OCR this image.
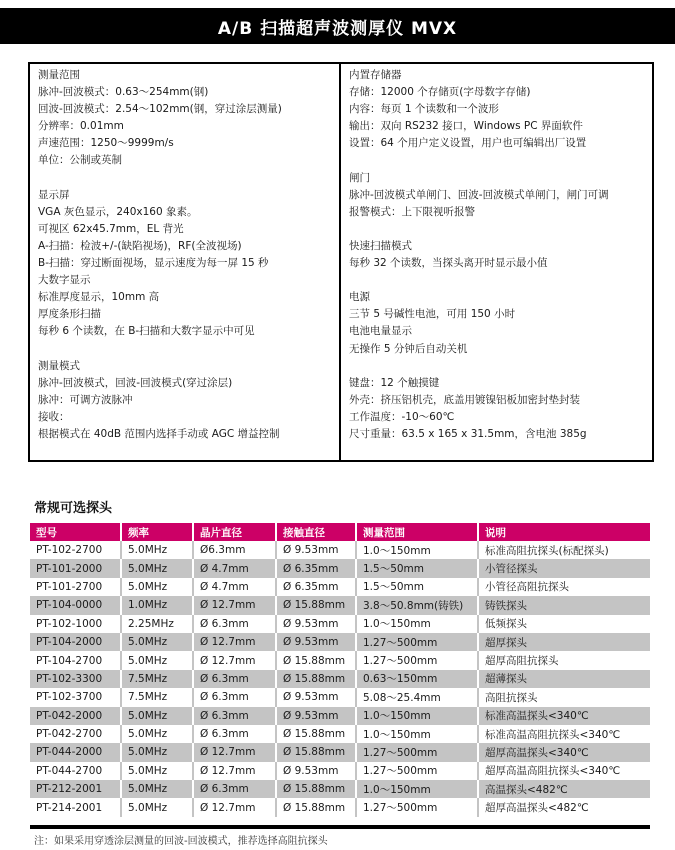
A/B 扫描超声波测厚仪 MVX
测量范围
脉冲-回波模式：0.63～254mm(钢)
回波-回波模式：2.54～102mm(钢，穿过涂层测量)
分辨率：0.01mm
声速范围：1250～9999m/s
单位：公制或英制
显示屏
VGA 灰色显示，240x160 象素。
可视区 62x45.7mm，EL 背光
A-扫描：检波+/-(缺陷视场)，RF(全波视场)
B-扫描：穿过断面视场，显示速度为每一屏 15 秒
大数字显示
标准厚度显示，10mm 高
厚度条形扫描
每秒 6 个读数，在 B-扫描和大数字显示中可见
测量模式
脉冲-回波模式，回波-回波模式(穿过涂层)
脉冲：可调方波脉冲
接收：
根据模式在 40dB 范围内选择手动或 AGC 增益控制
内置存储器
存储：12000 个存储页(字母数字存储)
内容：每页 1 个读数和一个波形
输出：双向 RS232 接口，Windows PC 界面软件
设置：64 个用户定义设置，用户也可编辑出厂设置
闸门
脉冲-回波模式单闸门、回波-回波模式单闸门，闸门可调
报警模式：上下限视听报警
快速扫描模式
每秒 32 个读数，当探头离开时显示最小值
电源
三节 5 号碱性电池，可用 150 小时
电池电量显示
无操作 5 分钟后自动关机
键盘：12 个触摸键
外壳：挤压铝机壳，底盖用镀镍铝板加密封垫封装
工作温度：-10～60℃
尺寸重量：63.5 x 165 x 31.5mm，含电池 385g
常规可选探头
型号	频率	晶片直径	接触直径	测量范围	说明
PT-102-2700	5.0MHz	Ø6.3mm	Ø 9.53mm	1.0～150mm	标准高阻抗探头(标配探头)
PT-101-2000	5.0MHz	Ø 4.7mm	Ø 6.35mm	1.5～50mm	小管径探头
PT-101-2700	5.0MHz	Ø 4.7mm	Ø 6.35mm	1.5～50mm	小管径高阻抗探头
PT-104-0000	1.0MHz	Ø 12.7mm	Ø 15.88mm	3.8～50.8mm(铸铁)	铸铁探头
PT-102-1000	2.25MHz	Ø 6.3mm	Ø 9.53mm	1.0～150mm	低频探头
PT-104-2000	5.0MHz	Ø 12.7mm	Ø 9.53mm	1.27～500mm	超厚探头
PT-104-2700	5.0MHz	Ø 12.7mm	Ø 15.88mm	1.27～500mm	超厚高阻抗探头
PT-102-3300	7.5MHz	Ø 6.3mm	Ø 15.88mm	0.63～150mm	超薄探头
PT-102-3700	7.5MHz	Ø 6.3mm	Ø 9.53mm	5.08～25.4mm	高阻抗探头
PT-042-2000	5.0MHz	Ø 6.3mm	Ø 9.53mm	1.0～150mm	标准高温探头<340℃
PT-042-2700	5.0MHz	Ø 6.3mm	Ø 15.88mm	1.0～150mm	标准高温高阻抗探头<340℃
PT-044-2000	5.0MHz	Ø 12.7mm	Ø 15.88mm	1.27～500mm	超厚高温探头<340℃
PT-044-2700	5.0MHz	Ø 12.7mm	Ø 9.53mm	1.27～500mm	超厚高温高阻抗探头<340℃
PT-212-2001	5.0MHz	Ø 6.3mm	Ø 15.88mm	1.0～150mm	高温探头<482℃
PT-214-2001	5.0MHz	Ø 12.7mm	Ø 15.88mm	1.27～500mm	超厚高温探头<482℃
注：如果采用穿透涂层测量的回波-回波模式，推荐选择高阻抗探头
